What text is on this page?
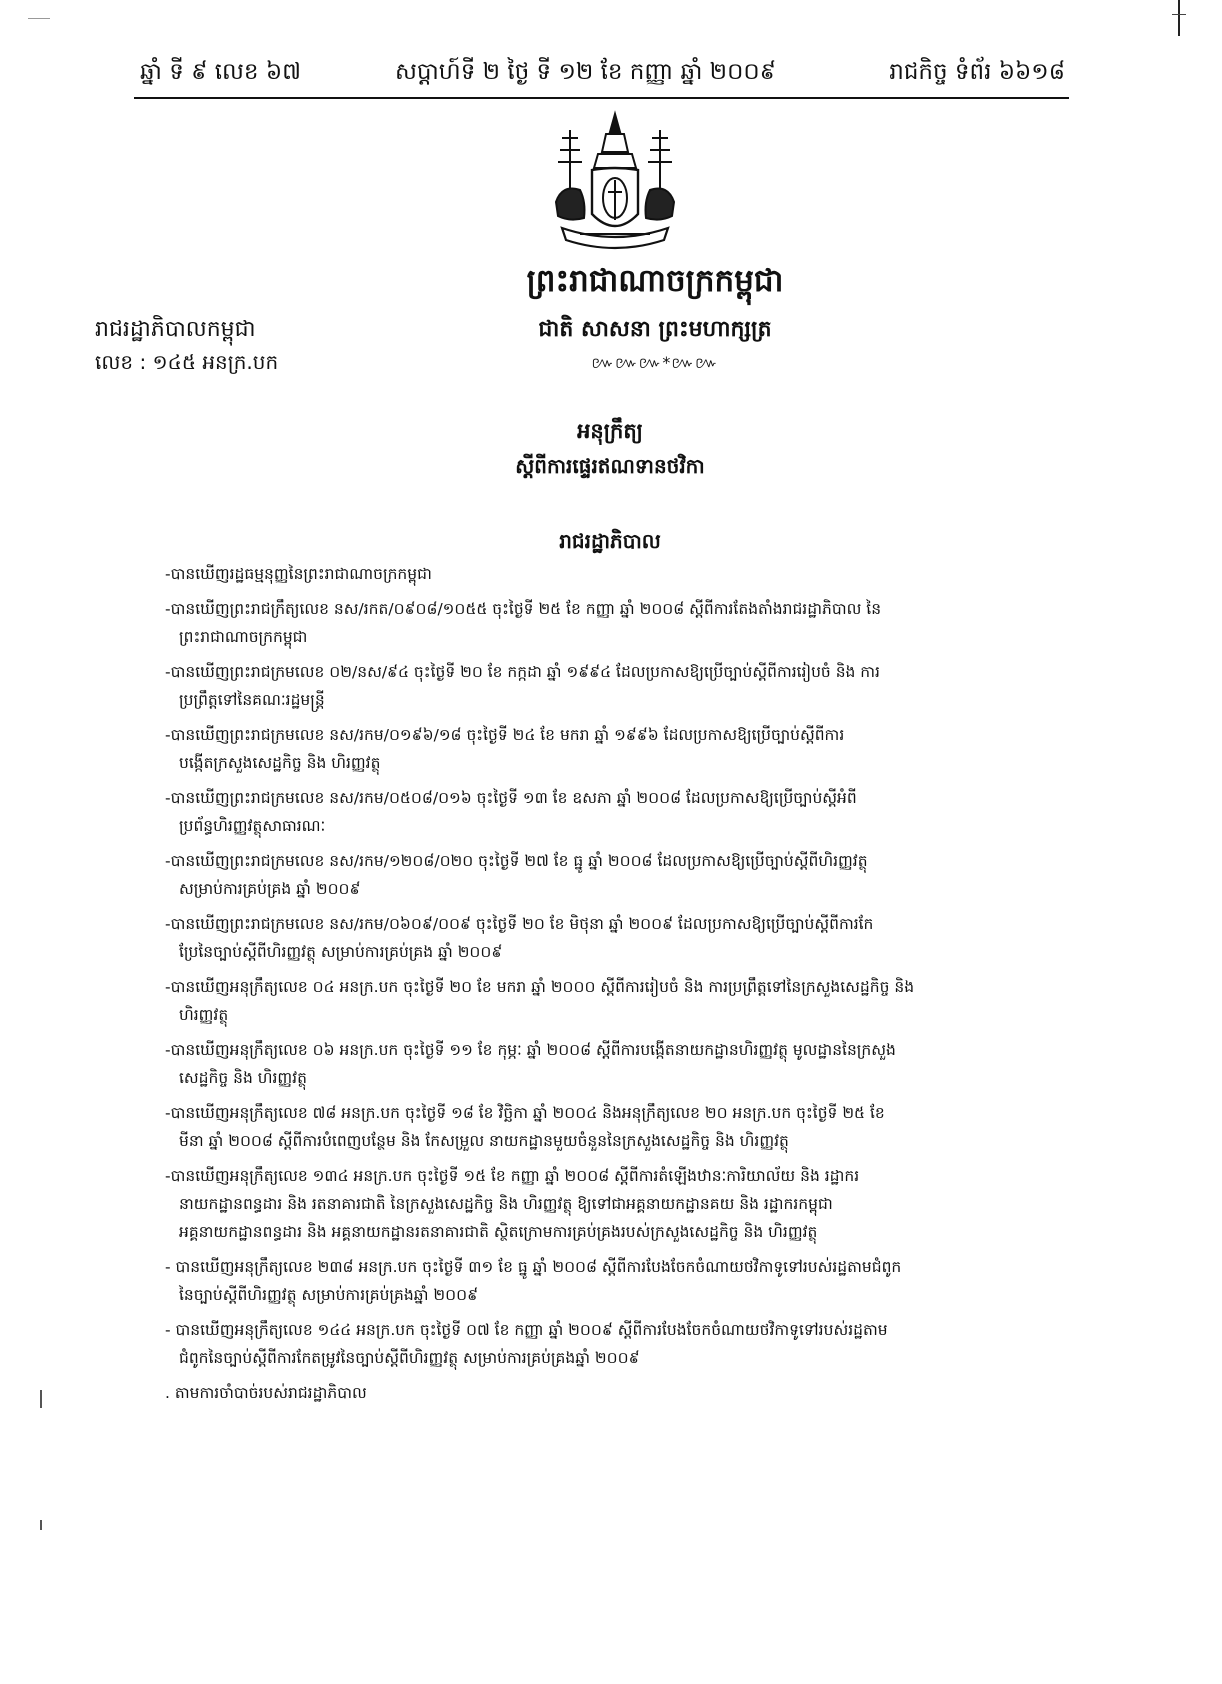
ឆ្នាំ ទី ៩ លេខ ៦៧	សប្តាហ៍ទី ២ ថ្ងៃ ទី ១២ ខែ កញ្ញា ឆ្នាំ ២០០៩	រាជកិច្ច ទំព័រ ៦៦១៨
ព្រះរាជាណាចក្រកម្ពុជា
ជាតិ សាសនា ព្រះមហាក្សត្រ
៚៚៚*៚៚
រាជរដ្ឋាភិបាលកម្ពុជា
លេខ : ១៤៥ អនក្រ.បក
អនុក្រឹត្យ
ស្តីពីការផ្ទេរឥណទានថវិកា
រាជរដ្ឋាភិបាល
-បានឃើញរដ្ឋធម្មនុញ្ញនៃព្រះរាជាណាចក្រកម្ពុជា
-បានឃើញព្រះរាជក្រឹត្យលេខ នស/រកត/០៩០៨/១០៥៥ ចុះថ្ងៃទី ២៥ ខែ កញ្ញា ឆ្នាំ ២០០៨ ស្តីពីការតែងតាំងរាជរដ្ឋាភិបាល នៃ
ព្រះរាជាណាចក្រកម្ពុជា
-បានឃើញព្រះរាជក្រមលេខ ០២/នស/៩៤ ចុះថ្ងៃទី ២០ ខែ កក្កដា ឆ្នាំ ១៩៩៤ ដែលប្រកាសឱ្យប្រើច្បាប់ស្តីពីការរៀបចំ និង ការ
ប្រព្រឹត្តទៅនៃគណៈរដ្ឋមន្ត្រី
-បានឃើញព្រះរាជក្រមលេខ នស/រកម/០១៩៦/១៨ ចុះថ្ងៃទី ២៤ ខែ មករា ឆ្នាំ ១៩៩៦ ដែលប្រកាសឱ្យប្រើច្បាប់ស្តីពីការ
បង្កើតក្រសួងសេដ្ឋកិច្ច និង ហិរញ្ញវត្ថុ
-បានឃើញព្រះរាជក្រមលេខ នស/រកម/០៥០៨/០១៦ ចុះថ្ងៃទី ១៣ ខែ ឧសភា ឆ្នាំ ២០០៨ ដែលប្រកាសឱ្យប្រើច្បាប់ស្តីអំពី
ប្រព័ន្ធហិរញ្ញវត្ថុសាធារណៈ
-បានឃើញព្រះរាជក្រមលេខ នស/រកម/១២០៨/០២០ ចុះថ្ងៃទី ២៧ ខែ ធ្នូ ឆ្នាំ ២០០៨ ដែលប្រកាសឱ្យប្រើច្បាប់ស្តីពីហិរញ្ញវត្ថុ
សម្រាប់ការគ្រប់គ្រង ឆ្នាំ ២០០៩
-បានឃើញព្រះរាជក្រមលេខ នស/រកម/០៦០៩/០០៩ ចុះថ្ងៃទី ២០ ខែ មិថុនា ឆ្នាំ ២០០៩ ដែលប្រកាសឱ្យប្រើច្បាប់ស្តីពីការកែ
ប្រែនៃច្បាប់ស្តីពីហិរញ្ញវត្ថុ សម្រាប់ការគ្រប់គ្រង ឆ្នាំ ២០០៩
-បានឃើញអនុក្រឹត្យលេខ ០៤ អនក្រ.បក ចុះថ្ងៃទី ២០ ខែ មករា ឆ្នាំ ២០០០ ស្តីពីការរៀបចំ និង ការប្រព្រឹត្តទៅនៃក្រសួងសេដ្ឋកិច្ច និង
ហិរញ្ញវត្ថុ
-បានឃើញអនុក្រឹត្យលេខ ០៦ អនក្រ.បក ចុះថ្ងៃទី ១១ ខែ កុម្ភៈ ឆ្នាំ ២០០៨ ស្តីពីការបង្កើតនាយកដ្ឋានហិរញ្ញវត្ថុ មូលដ្ឋាននៃក្រសួង
សេដ្ឋកិច្ច និង ហិរញ្ញវត្ថុ
-បានឃើញអនុក្រឹត្យលេខ ៧៨ អនក្រ.បក ចុះថ្ងៃទី ១៨ ខែ វិច្ឆិកា ឆ្នាំ ២០០៤ និងអនុក្រឹត្យលេខ ២០ អនក្រ.បក ចុះថ្ងៃទី ២៥ ខែ
មីនា ឆ្នាំ ២០០៨ ស្តីពីការបំពេញបន្ថែម និង កែសម្រួល នាយកដ្ឋានមួយចំនួននៃក្រសួងសេដ្ឋកិច្ច និង ហិរញ្ញវត្ថុ
-បានឃើញអនុក្រឹត្យលេខ ១៣៤ អនក្រ.បក ចុះថ្ងៃទី ១៥ ខែ កញ្ញា ឆ្នាំ ២០០៨ ស្តីពីការតំឡើងឋានៈការិយាល័យ និង រដ្ឋាករ
នាយកដ្ឋានពន្ធដារ និង រតនាគារជាតិ នៃក្រសួងសេដ្ឋកិច្ច និង ហិរញ្ញវត្ថុ ឱ្យទៅជាអគ្គនាយកដ្ឋានគយ និង រដ្ឋាករកម្ពុជា
អគ្គនាយកដ្ឋានពន្ធដារ និង អគ្គនាយកដ្ឋានរតនាគារជាតិ ស្ថិតក្រោមការគ្រប់គ្រងរបស់ក្រសួងសេដ្ឋកិច្ច និង ហិរញ្ញវត្ថុ
- បានឃើញអនុក្រឹត្យលេខ ២៣៨ អនក្រ.បក ចុះថ្ងៃទី ៣១ ខែ ធ្នូ ឆ្នាំ ២០០៨ ស្តីពីការបែងចែកចំណាយថវិកាទូទៅរបស់រដ្ឋតាមជំពូក
នៃច្បាប់ស្តីពីហិរញ្ញវត្ថុ សម្រាប់ការគ្រប់គ្រងឆ្នាំ ២០០៩
- បានឃើញអនុក្រឹត្យលេខ ១៤៤ អនក្រ.បក ចុះថ្ងៃទី ០៧ ខែ កញ្ញា ឆ្នាំ ២០០៩ ស្តីពីការបែងចែកចំណាយថវិកាទូទៅរបស់រដ្ឋតាម
ជំពូកនៃច្បាប់ស្តីពីការកែតម្រូវនៃច្បាប់ស្តីពីហិរញ្ញវត្ថុ សម្រាប់ការគ្រប់គ្រងឆ្នាំ ២០០៩
. តាមការចាំបាច់របស់រាជរដ្ឋាភិបាល
